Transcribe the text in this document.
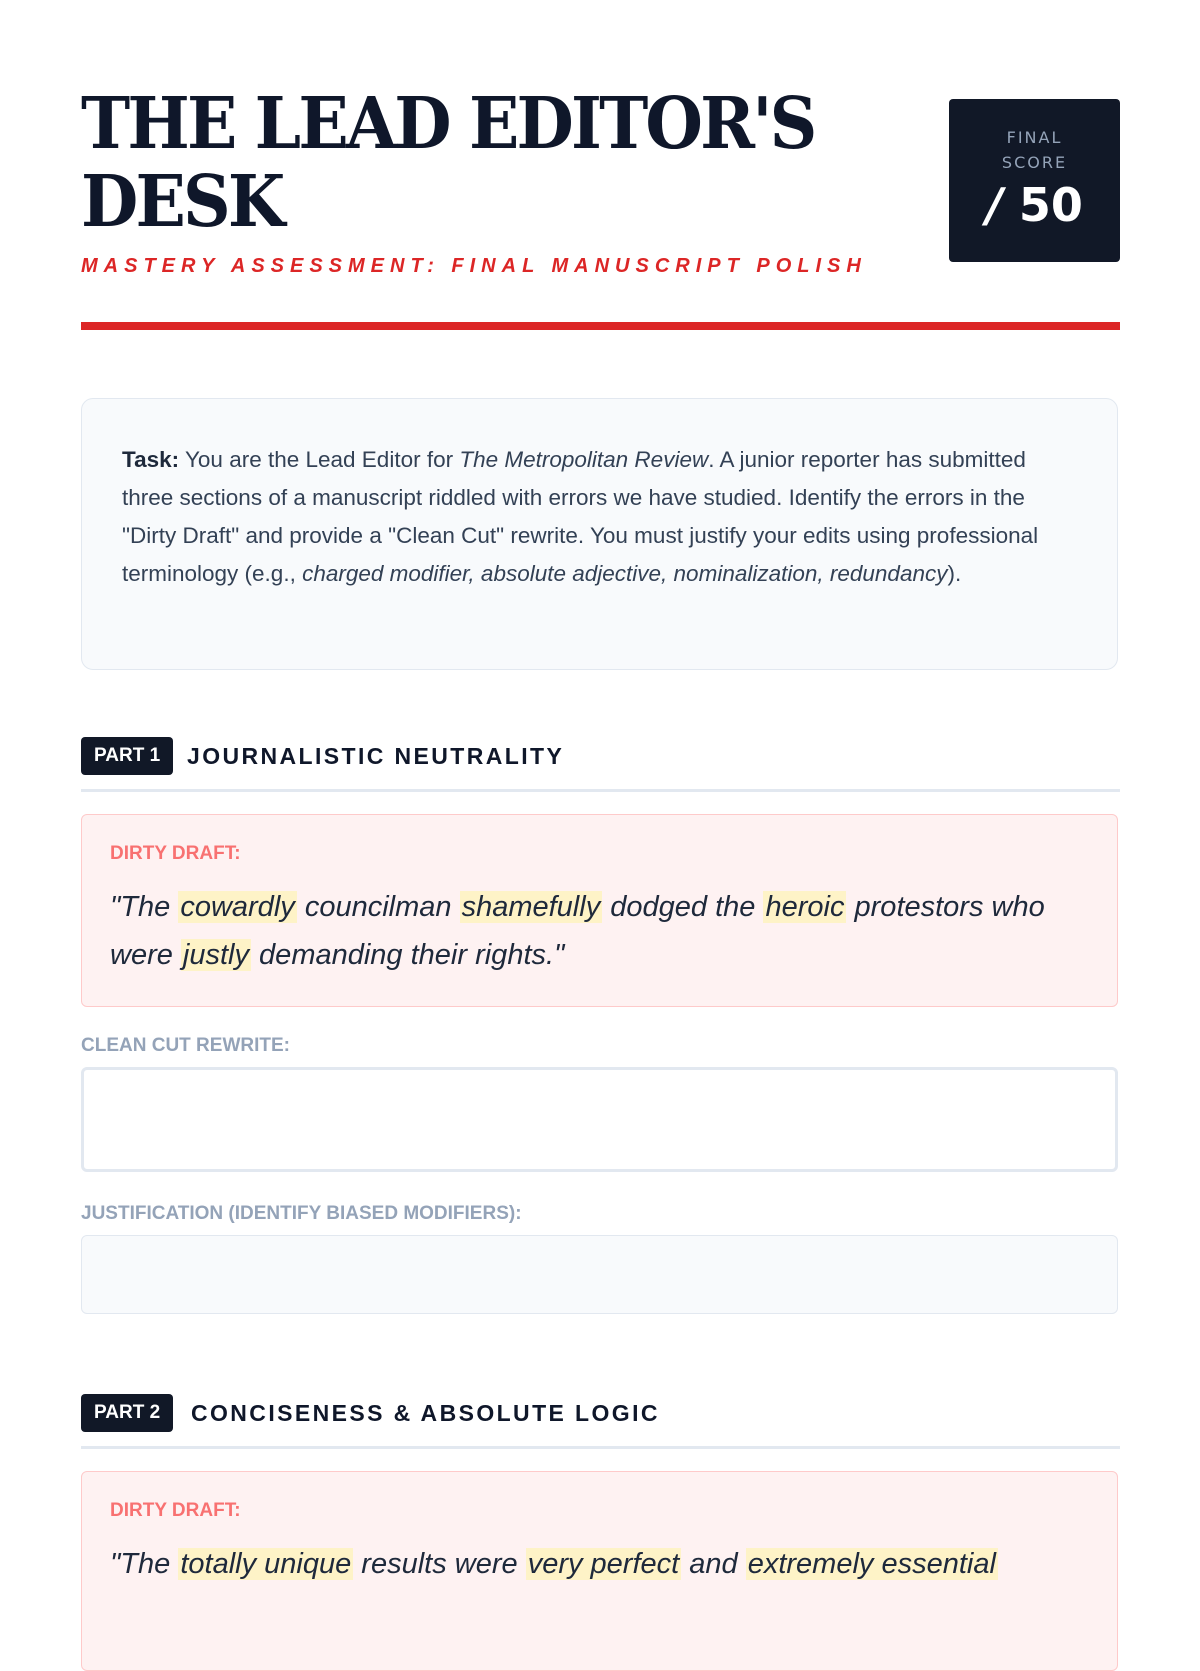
THE LEAD EDITOR'S DESK

MASTERY ASSESSMENT: FINAL MANUSCRIPT POLISH

FINAL SCORE
/ 50
Task: You are the Lead Editor for The Metropolitan Review. A junior reporter has submitted three sections of a manuscript riddled with errors we have studied. Identify the errors in the "Dirty Draft" and provide a "Clean Cut" rewrite. You must justify your edits using professional terminology (e.g., charged modifier, absolute adjective, nominalization, redundancy).
PART 1	JOURNALISTIC NEUTRALITY
DIRTY DRAFT:
"The cowardly councilman shamefully dodged the heroic protestors who were justly demanding their rights."
CLEAN CUT REWRITE:
JUSTIFICATION (IDENTIFY BIASED MODIFIERS):
PART 2	CONCISENESS & ABSOLUTE LOGIC
DIRTY DRAFT:
"The totally unique results were very perfect and extremely essential
